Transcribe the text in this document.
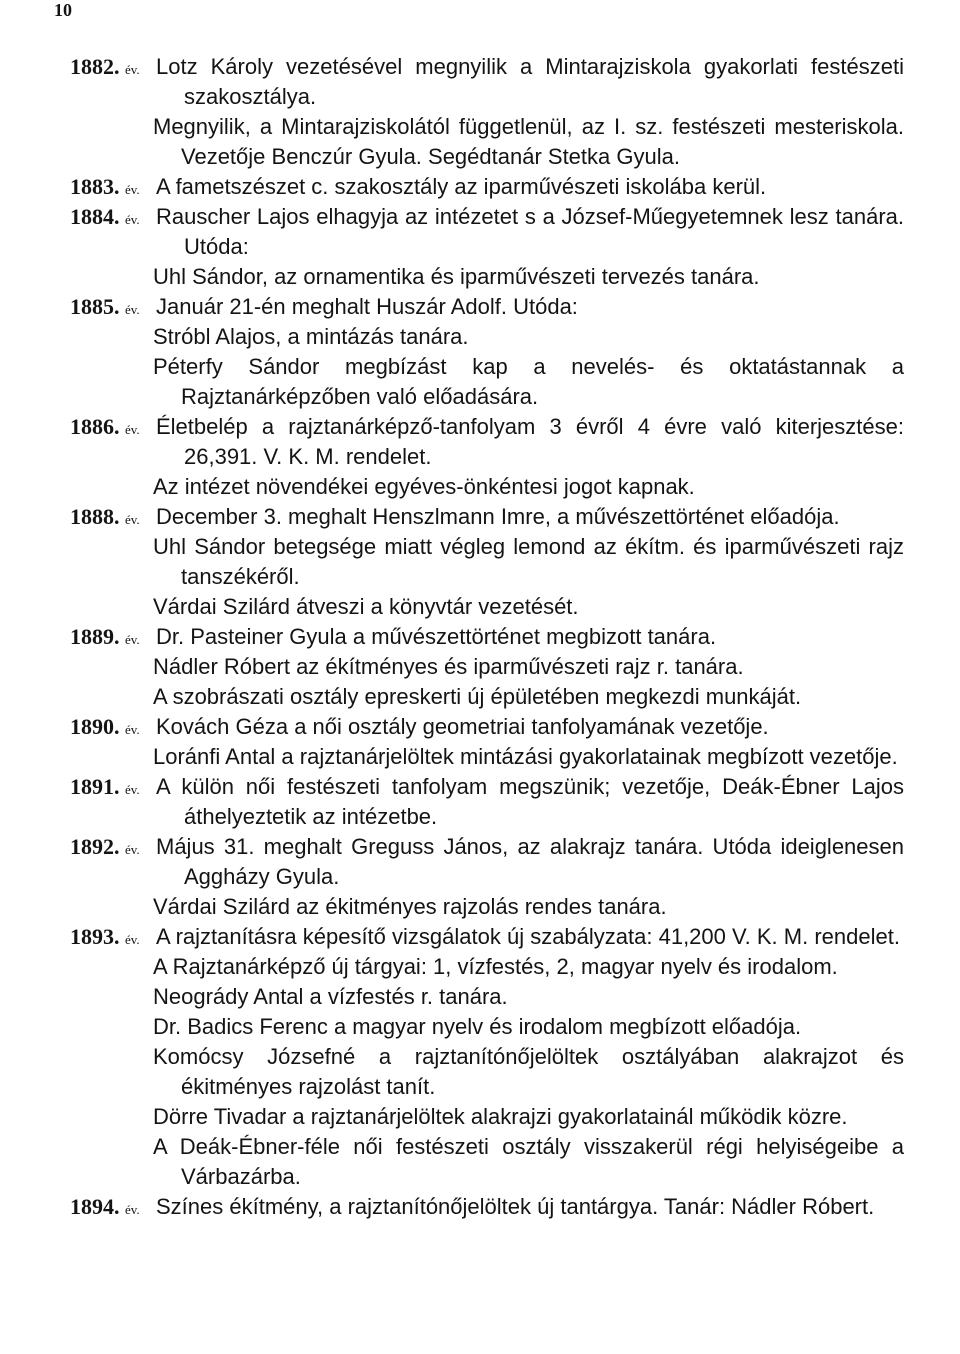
10
1882. év. Lotz Károly vezetésével megnyilik a Mintarajziskola gyakorlati festészeti szakosztálya.
Megnyilik, a Mintarajziskolától függetlenül, az I. sz. festészeti mesteriskola. Vezetője Benczúr Gyula. Segédtanár Stetka Gyula.
1883. év. A fametszészet c. szakosztály az iparművészeti iskolába kerül.
1884. év. Rauscher Lajos elhagyja az intézetet s a József-Műegyetemnek lesz tanára. Utóda:
Uhl Sándor, az ornamentika és iparművészeti tervezés tanára.
1885. év. Január 21-én meghalt Huszár Adolf. Utóda:
Stróbl Alajos, a mintázás tanára.
Péterfy Sándor megbízást kap a nevelés- és oktatástannak a Rajztanárképzőben való előadására.
1886. év. Életbelép a rajztanárképző-tanfolyam 3 évről 4 évre való kiterjesztése: 26,391. V. K. M. rendelet.
Az intézet növendékei egyéves-önkéntesi jogot kapnak.
1888. év. December 3. meghalt Henszlmann Imre, a művészettörténet előadója.
Uhl Sándor betegsége miatt végleg lemond az ékítm. és iparművészeti rajz tanszékéről.
Várdai Szilárd átveszi a könyvtár vezetését.
1889. év. Dr. Pasteiner Gyula a művészettörténet megbizott tanára.
Nádler Róbert az ékítményes és iparművészeti rajz r. tanára.
A szobrászati osztály epreskerti új épületében megkezdi munkáját.
1890. év. Kovách Géza a női osztály geometriai tanfolyamának vezetője.
Loránfi Antal a rajztanárjelöltek mintázási gyakorlatainak megbízott vezetője.
1891. év. A külön női festészeti tanfolyam megszünik; vezetője, Deák-Ébner Lajos áthelyeztetik az intézetbe.
1892. év. Május 31. meghalt Greguss János, az alakrajz tanára. Utóda ideiglenesen Aggházy Gyula.
Várdai Szilárd az ékitményes rajzolás rendes tanára.
1893. év. A rajztanításra képesítő vizsgálatok új szabályzata: 41,200 V. K. M. rendelet.
A Rajztanárképző új tárgyai: 1, vízfestés, 2, magyar nyelv és irodalom.
Neogrády Antal a vízfestés r. tanára.
Dr. Badics Ferenc a magyar nyelv és irodalom megbízott előadója.
Komócsy Józsefné a rajztanítónőjelöltek osztályában alakrajzot és ékitményes rajzolást tanít.
Dörre Tivadar a rajztanárjelöltek alakrajzi gyakorlatainál működik közre.
A Deák-Ébner-féle női festészeti osztály visszakerül régi helyiségeibe a Várbazárba.
1894. év. Színes ékítmény, a rajztanítónőjelöltek új tantárgya. Tanár: Nádler Róbert.
